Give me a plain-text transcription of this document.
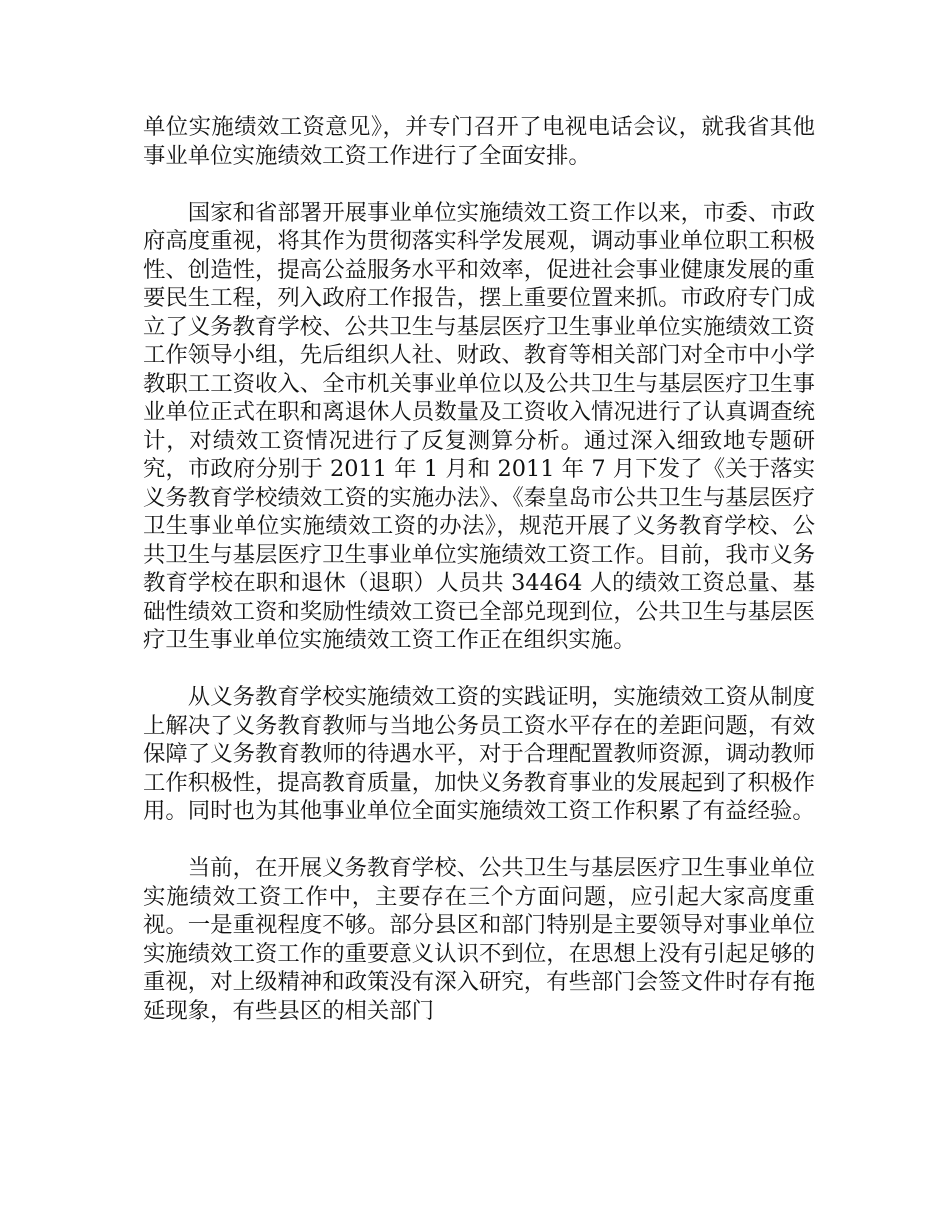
单位实施绩效工资意见》，并专门召开了电视电话会议，就我省其他事业单位实施绩效工资工作进行了全面安排。

国家和省部署开展事业单位实施绩效工资工作以来，市委、市政府高度重视，将其作为贯彻落实科学发展观，调动事业单位职工积极性、创造性，提高公益服务水平和效率，促进社会事业健康发展的重要民生工程，列入政府工作报告，摆上重要位置来抓。市政府专门成立了义务教育学校、公共卫生与基层医疗卫生事业单位实施绩效工资工作领导小组，先后组织人社、财政、教育等相关部门对全市中小学教职工工资收入、全市机关事业单位以及公共卫生与基层医疗卫生事业单位正式在职和离退休人员数量及工资收入情况进行了认真调查统计，对绩效工资情况进行了反复测算分析。通过深入细致地专题研究，市政府分别于 2011 年 1 月和 2011 年 7 月下发了《关于落实义务教育学校绩效工资的实施办法》、《秦皇岛市公共卫生与基层医疗卫生事业单位实施绩效工资的办法》，规范开展了义务教育学校、公共卫生与基层医疗卫生事业单位实施绩效工资工作。目前，我市义务教育学校在职和退休（退职）人员共 34464 人的绩效工资总量、基础性绩效工资和奖励性绩效工资已全部兑现到位，公共卫生与基层医疗卫生事业单位实施绩效工资工作正在组织实施。

从义务教育学校实施绩效工资的实践证明，实施绩效工资从制度上解决了义务教育教师与当地公务员工资水平存在的差距问题，有效保障了义务教育教师的待遇水平，对于合理配置教师资源，调动教师工作积极性，提高教育质量，加快义务教育事业的发展起到了积极作用。同时也为其他事业单位全面实施绩效工资工作积累了有益经验。

当前，在开展义务教育学校、公共卫生与基层医疗卫生事业单位实施绩效工资工作中，主要存在三个方面问题，应引起大家高度重视。一是重视程度不够。部分县区和部门特别是主要领导对事业单位实施绩效工资工作的重要意义认识不到位，在思想上没有引起足够的重视，对上级精神和政策没有深入研究，有些部门会签文件时存有拖延现象，有些县区的相关部门
